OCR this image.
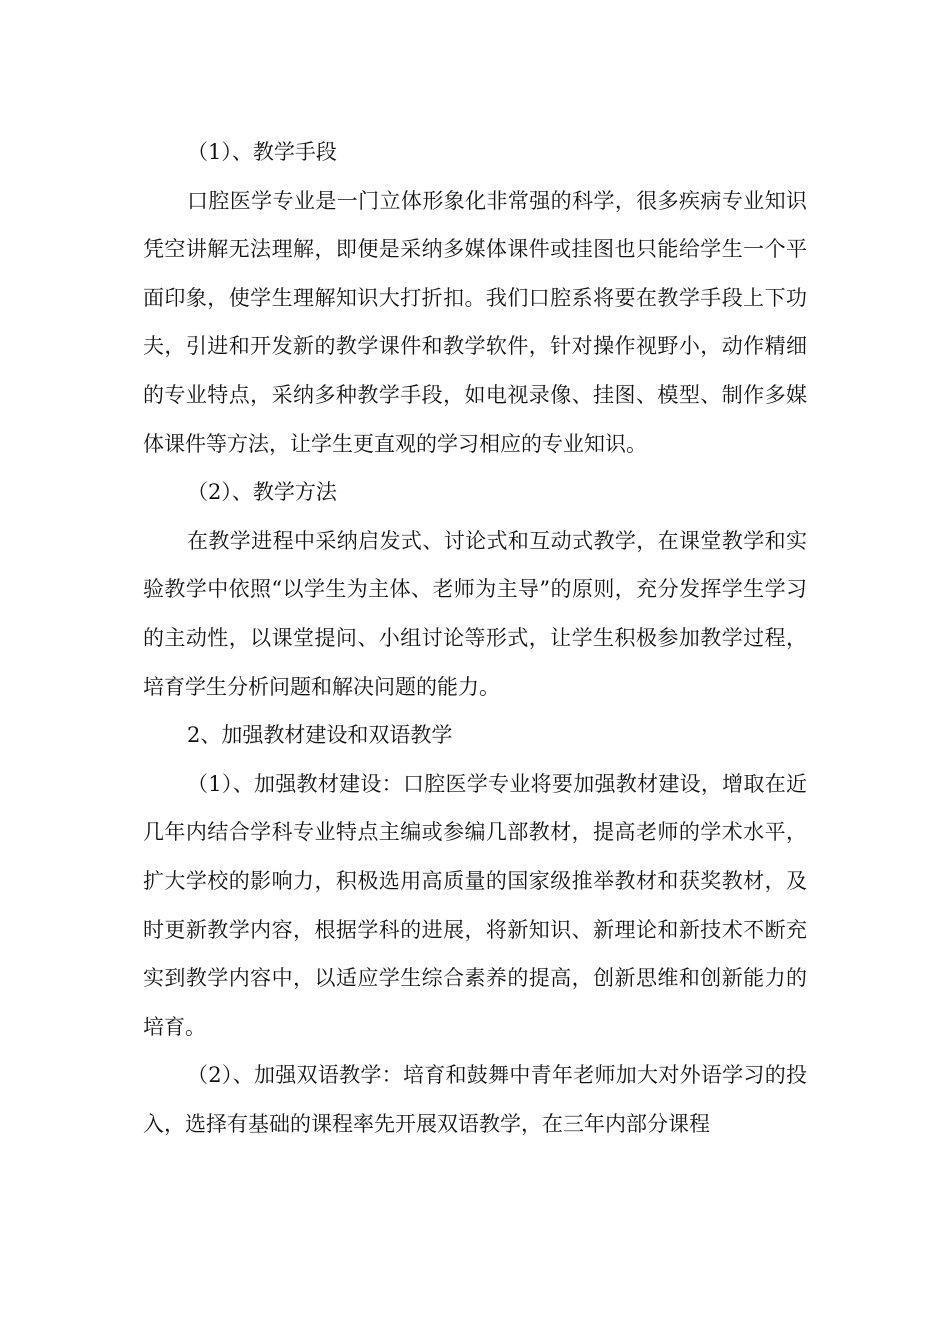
（1）、教学手段

口腔医学专业是一门立体形象化非常强的科学，很多疾病专业知识凭空讲解无法理解，即便是采纳多媒体课件或挂图也只能给学生一个平面印象，使学生理解知识大打折扣。我们口腔系将要在教学手段上下功夫，引进和开发新的教学课件和教学软件，针对操作视野小，动作精细的专业特点，采纳多种教学手段，如电视录像、挂图、模型、制作多媒体课件等方法，让学生更直观的学习相应的专业知识。

（2）、教学方法

在教学进程中采纳启发式、讨论式和互动式教学，在课堂教学和实验教学中依照“以学生为主体、老师为主导”的原则，充分发挥学生学习的主动性，以课堂提问、小组讨论等形式，让学生积极参加教学过程，培育学生分析问题和解决问题的能力。

2、加强教材建设和双语教学

（1）、加强教材建设：口腔医学专业将要加强教材建设，增取在近几年内结合学科专业特点主编或参编几部教材，提高老师的学术水平，扩大学校的影响力，积极选用高质量的国家级推举教材和获奖教材，及时更新教学内容，根据学科的进展，将新知识、新理论和新技术不断充实到教学内容中，以适应学生综合素养的提高，创新思维和创新能力的培育。

（2）、加强双语教学：培育和鼓舞中青年老师加大对外语学习的投入，选择有基础的课程率先开展双语教学，在三年内部分课程
